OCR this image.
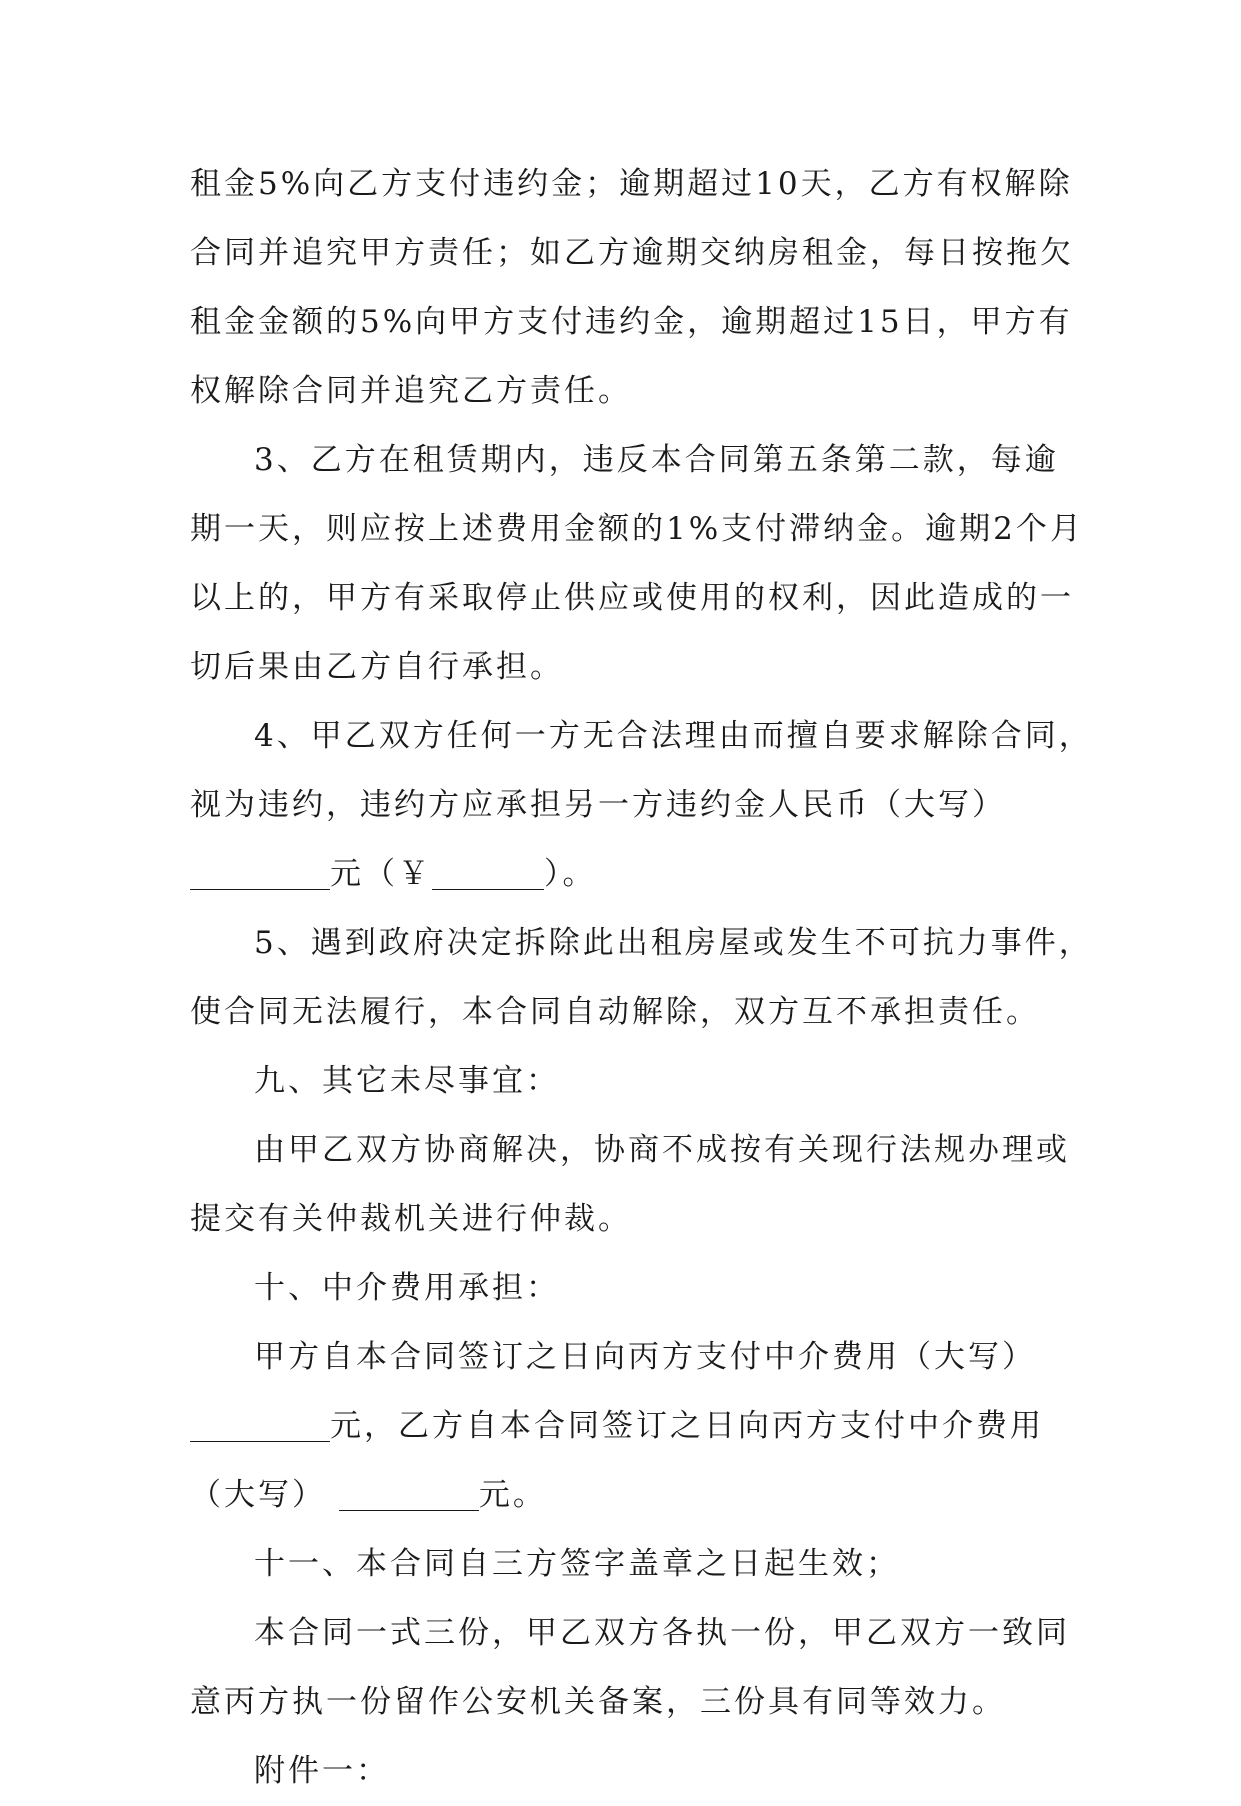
租金5%向乙方支付违约金；逾期超过10天，乙方有权解除
合同并追究甲方责任；如乙方逾期交纳房租金，每日按拖欠
租金金额的5%向甲方支付违约金，逾期超过15日，甲方有
权解除合同并追究乙方责任。
3、乙方在租赁期内，违反本合同第五条第二款，每逾
期一天，则应按上述费用金额的1%支付滞纳金。逾期2个月
以上的，甲方有采取停止供应或使用的权利，因此造成的一
切后果由乙方自行承担。
4、甲乙双方任何一方无合法理由而擅自要求解除合同，
视为违约，违约方应承担另一方违约金人民币（大写）
元（￥	）。
5、遇到政府决定拆除此出租房屋或发生不可抗力事件，
使合同无法履行，本合同自动解除，双方互不承担责任。
九、其它未尽事宜：
由甲乙双方协商解决，协商不成按有关现行法规办理或
提交有关仲裁机关进行仲裁。
十、中介费用承担：
甲方自本合同签订之日向丙方支付中介费用（大写）
元，乙方自本合同签订之日向丙方支付中介费用
（大写）	元。
十一、本合同自三方签字盖章之日起生效；
本合同一式三份，甲乙双方各执一份，甲乙双方一致同
意丙方执一份留作公安机关备案，三份具有同等效力。
附件一：
